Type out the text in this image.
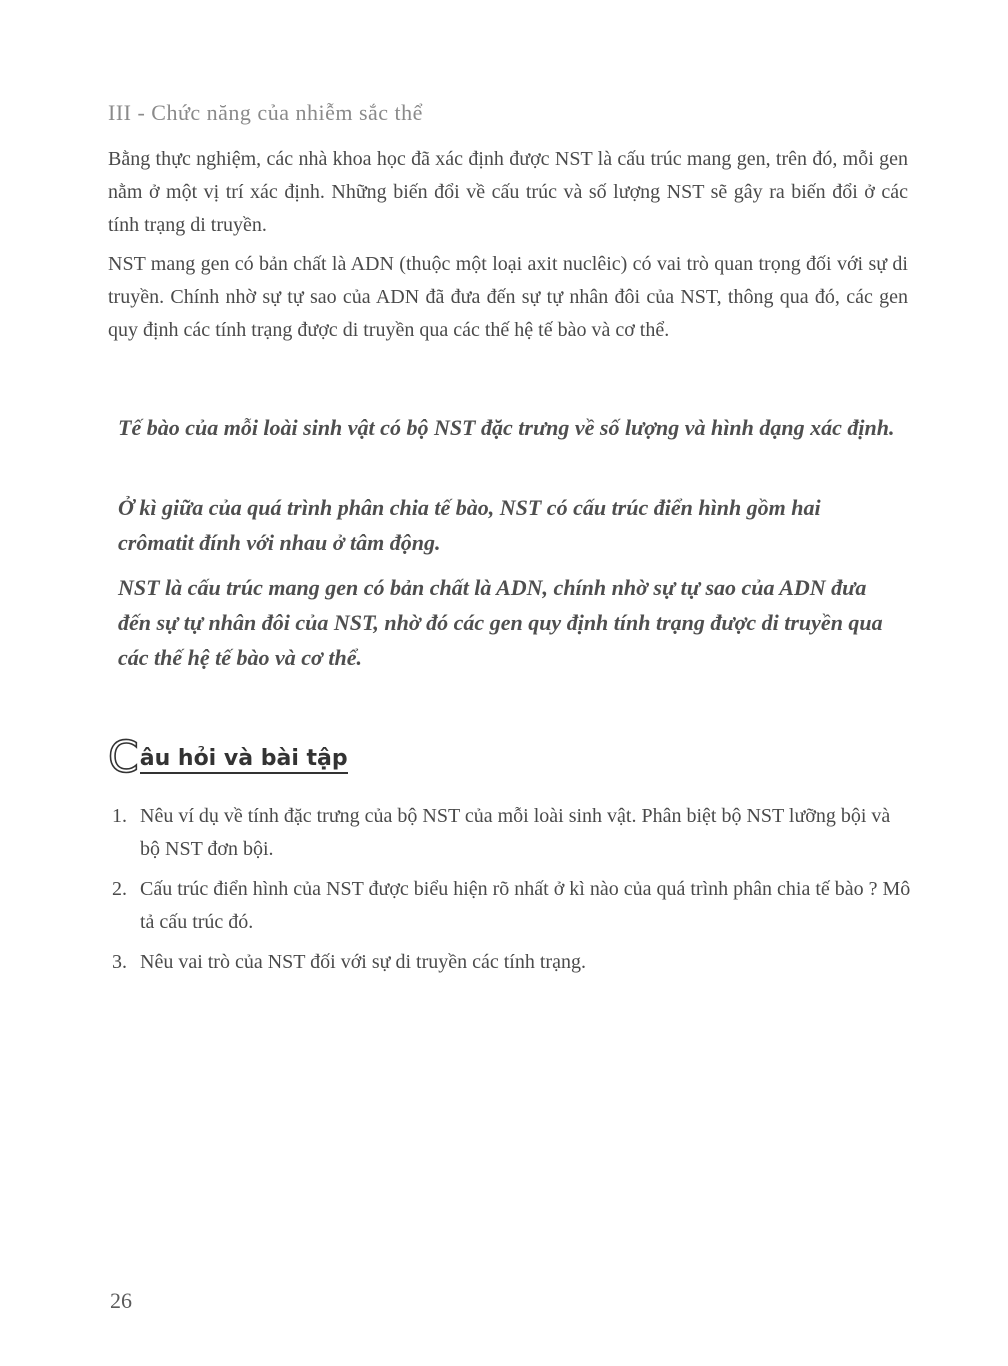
III - Chức năng của nhiễm sắc thể

Bằng thực nghiệm, các nhà khoa học đã xác định được NST là cấu trúc mang gen, trên đó, mỗi gen nằm ở một vị trí xác định. Những biến đổi về cấu trúc và số lượng NST sẽ gây ra biến đổi ở các tính trạng di truyền.

NST mang gen có bản chất là ADN (thuộc một loại axit nuclêic) có vai trò quan trọng đối với sự di truyền. Chính nhờ sự tự sao của ADN đã đưa đến sự tự nhân đôi của NST, thông qua đó, các gen quy định các tính trạng được di truyền qua các thế hệ tế bào và cơ thể.

Tế bào của mỗi loài sinh vật có bộ NST đặc trưng về số lượng và hình dạng xác định.

Ở kì giữa của quá trình phân chia tế bào, NST có cấu trúc điển hình gồm hai crômatit đính với nhau ở tâm động.

NST là cấu trúc mang gen có bản chất là ADN, chính nhờ sự tự sao của ADN đưa đến sự tự nhân đôi của NST, nhờ đó các gen quy định tính trạng được di truyền qua các thế hệ tế bào và cơ thể.

C âu hỏi và bài tập
1. Nêu ví dụ về tính đặc trưng của bộ NST của mỗi loài sinh vật. Phân biệt bộ NST lưỡng bội và bộ NST đơn bội.
2. Cấu trúc điển hình của NST được biểu hiện rõ nhất ở kì nào của quá trình phân chia tế bào ? Mô tả cấu trúc đó.
3. Nêu vai trò của NST đối với sự di truyền các tính trạng.
26
